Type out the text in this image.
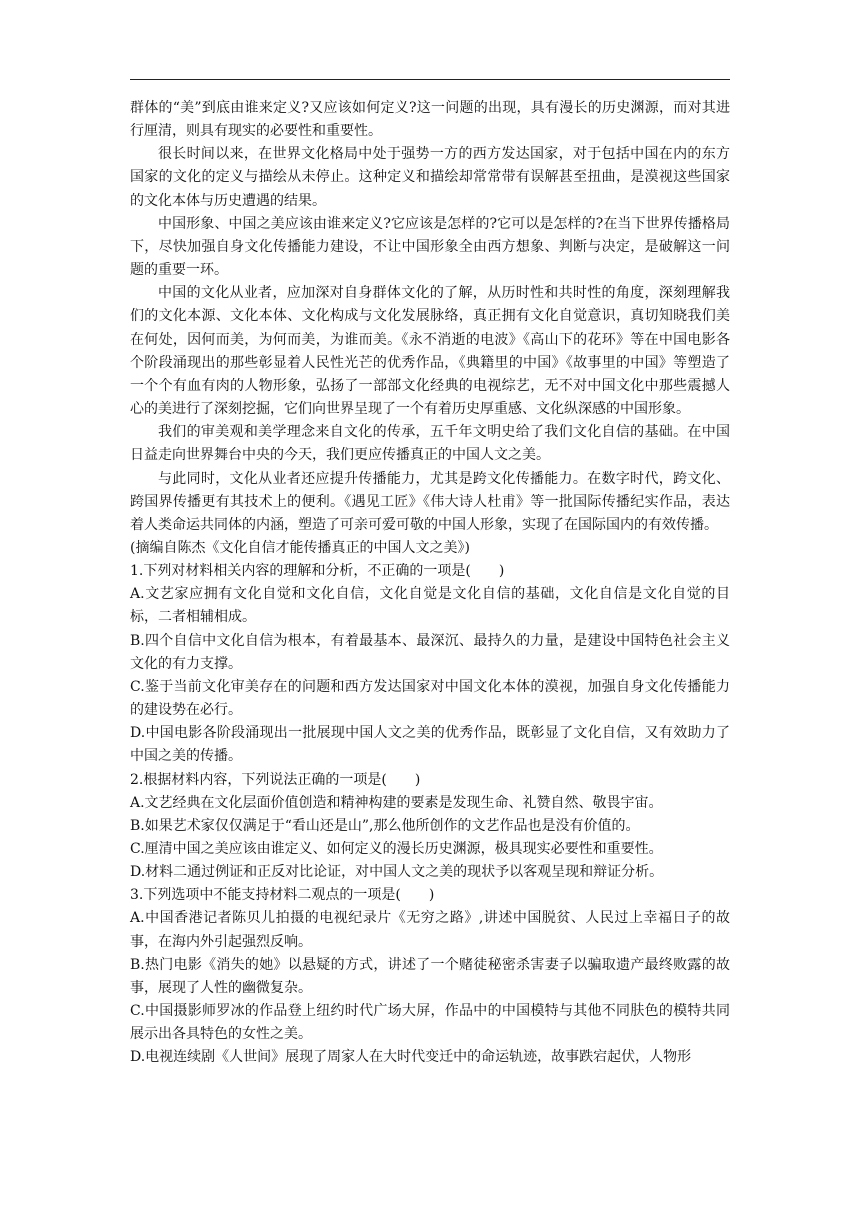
群体的“美”到底由谁来定义?又应该如何定义?这一问题的出现，具有漫长的历史渊源，而对其进行厘清，则具有现实的必要性和重要性。

很长时间以来，在世界文化格局中处于强势一方的西方发达国家，对于包括中国在内的东方国家的文化的定义与描绘从未停止。这种定义和描绘却常常带有误解甚至扭曲，是漠视这些国家的文化本体与历史遭遇的结果。

中国形象、中国之美应该由谁来定义?它应该是怎样的?它可以是怎样的?在当下世界传播格局下，尽快加强自身文化传播能力建设，不让中国形象全由西方想象、判断与决定，是破解这一问题的重要一环。

中国的文化从业者，应加深对自身群体文化的了解，从历时性和共时性的角度，深刻理解我们的文化本源、文化本体、文化构成与文化发展脉络，真正拥有文化自觉意识，真切知晓我们美在何处，因何而美，为何而美，为谁而美。《永不消逝的电波》《高山下的花环》等在中国电影各个阶段涌现出的那些彰显着人民性光芒的优秀作品，《典籍里的中国》《故事里的中国》等塑造了一个个有血有肉的人物形象，弘扬了一部部文化经典的电视综艺，无不对中国文化中那些震撼人心的美进行了深刻挖掘，它们向世界呈现了一个有着历史厚重感、文化纵深感的中国形象。

我们的审美观和美学理念来自文化的传承，五千年文明史给了我们文化自信的基础。在中国日益走向世界舞台中央的今天，我们更应传播真正的中国人文之美。

与此同时，文化从业者还应提升传播能力，尤其是跨文化传播能力。在数字时代，跨文化、跨国界传播更有其技术上的便利。《遇见工匠》《伟大诗人杜甫》等一批国际传播纪实作品，表达着人类命运共同体的内涵，塑造了可亲可爱可敬的中国人形象，实现了在国际国内的有效传播。

(摘编自陈杰《文化自信才能传播真正的中国人文之美》)

1.下列对材料相关内容的理解和分析，不正确的一项是(　　)

A.文艺家应拥有文化自觉和文化自信，文化自觉是文化自信的基础，文化自信是文化自觉的目标，二者相辅相成。

B.四个自信中文化自信为根本，有着最基本、最深沉、最持久的力量，是建设中国特色社会主义文化的有力支撑。

C.鉴于当前文化审美存在的问题和西方发达国家对中国文化本体的漠视，加强自身文化传播能力的建设势在必行。

D.中国电影各阶段涌现出一批展现中国人文之美的优秀作品，既彰显了文化自信，又有效助力了中国之美的传播。

2.根据材料内容，下列说法正确的一项是(　　)

A.文艺经典在文化层面价值创造和精神构建的要素是发现生命、礼赞自然、敬畏宇宙。

B.如果艺术家仅仅满足于“看山还是山”,那么他所创作的文艺作品也是没有价值的。

C.厘清中国之美应该由谁定义、如何定义的漫长历史渊源，极具现实必要性和重要性。

D.材料二通过例证和正反对比论证，对中国人文之美的现状予以客观呈现和辩证分析。

3.下列选项中不能支持材料二观点的一项是(　　)

A.中国香港记者陈贝儿拍摄的电视纪录片《无穷之路》,讲述中国脱贫、人民过上幸福日子的故事，在海内外引起强烈反响。

B.热门电影《消失的她》以悬疑的方式，讲述了一个赌徒秘密杀害妻子以骗取遗产最终败露的故事，展现了人性的幽微复杂。

C.中国摄影师罗冰的作品登上纽约时代广场大屏，作品中的中国模特与其他不同肤色的模特共同展示出各具特色的女性之美。

D.电视连续剧《人世间》展现了周家人在大时代变迁中的命运轨迹，故事跌宕起伏，人物形
